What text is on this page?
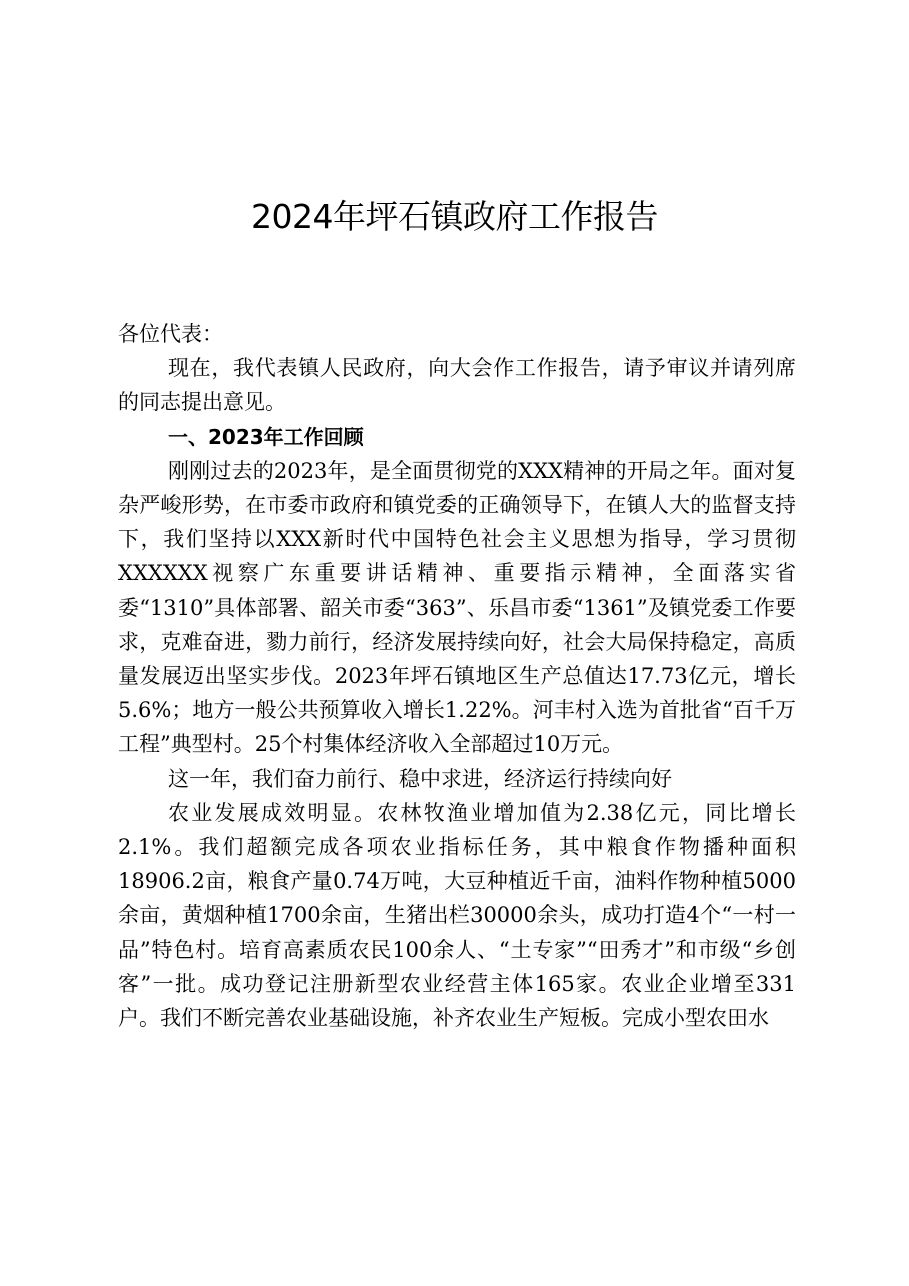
2024年坪石镇政府工作报告

各位代表：

现在，我代表镇人民政府，向大会作工作报告，请予审议并请列席的同志提出意见。

一、2023年工作回顾

刚刚过去的2023年，是全面贯彻党的XXX精神的开局之年。面对复杂严峻形势，在市委市政府和镇党委的正确领导下，在镇人大的监督支持下，我们坚持以XXX新时代中国特色社会主义思想为指导，学习贯彻XXXXXX视察广东重要讲话精神、重要指示精神，全面落实省委“1310”具体部署、韶关市委“363”、乐昌市委“1361”及镇党委工作要求，克难奋进，勠力前行，经济发展持续向好，社会大局保持稳定，高质量发展迈出坚实步伐。2023年坪石镇地区生产总值达17.73亿元，增长5.6%；地方一般公共预算收入增长1.22%。河丰村入选为首批省“百千万工程”典型村。25个村集体经济收入全部超过10万元。

这一年，我们奋力前行、稳中求进，经济运行持续向好

农业发展成效明显。农林牧渔业增加值为2.38亿元，同比增长2.1%。我们超额完成各项农业指标任务，其中粮食作物播种面积18906.2亩，粮食产量0.74万吨，大豆种植近千亩，油料作物种植5000余亩，黄烟种植1700余亩，生猪出栏30000余头，成功打造4个“一村一品”特色村。培育高素质农民100余人、“土专家”“田秀才”和市级“乡创客”一批。成功登记注册新型农业经营主体165家。农业企业增至331户。我们不断完善农业基础设施，补齐农业生产短板。完成小型农田水
